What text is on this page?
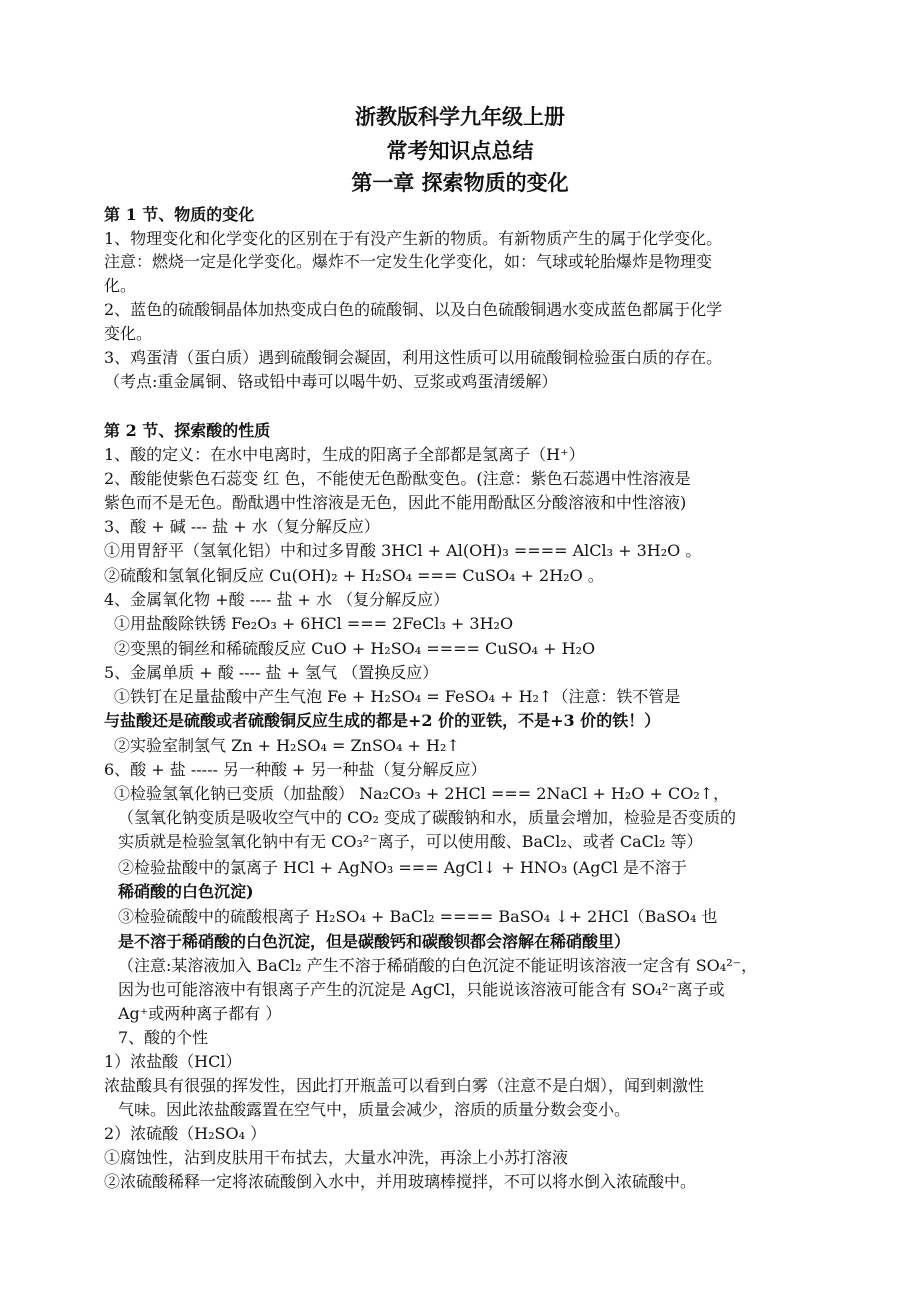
浙教版科学九年级上册
常考知识点总结
第一章 探索物质的变化
第 1 节、物质的变化
1、物理变化和化学变化的区别在于有没产生新的物质。有新物质产生的属于化学变化。
注意：燃烧一定是化学变化。爆炸不一定发生化学变化，如：气球或轮胎爆炸是物理变
化。
2、蓝色的硫酸铜晶体加热变成白色的硫酸铜、以及白色硫酸铜遇水变成蓝色都属于化学
变化。
3、鸡蛋清（蛋白质）遇到硫酸铜会凝固，利用这性质可以用硫酸铜检验蛋白质的存在。
（考点:重金属铜、铬或铅中毒可以喝牛奶、豆浆或鸡蛋清缓解）
第 2 节、探索酸的性质
1、酸的定义：在水中电离时，生成的阳离子全部都是氢离子（H⁺）
2、酸能使紫色石蕊变 红 色，不能使无色酚酞变色。(注意：紫色石蕊遇中性溶液是
紫色而不是无色。酚酞遇中性溶液是无色，因此不能用酚酞区分酸溶液和中性溶液)
3、酸 + 碱 --- 盐 + 水（复分解反应）
①用胃舒平（氢氧化铝）中和过多胃酸 3HCl + Al(OH)₃ ==== AlCl₃ + 3H₂O 。
②硫酸和氢氧化铜反应 Cu(OH)₂ + H₂SO₄ === CuSO₄ + 2H₂O 。
4、金属氧化物 +酸 ---- 盐 + 水 （复分解反应）
①用盐酸除铁锈 Fe₂O₃ + 6HCl === 2FeCl₃ + 3H₂O
②变黑的铜丝和稀硫酸反应 CuO + H₂SO₄ ==== CuSO₄ + H₂O
5、金属单质 + 酸 ---- 盐 + 氢气 （置换反应）
①铁钉在足量盐酸中产生气泡 Fe + H₂SO₄ = FeSO₄ + H₂↑（注意：铁不管是
与盐酸还是硫酸或者硫酸铜反应生成的都是+2 价的亚铁，不是+3 价的铁！）
②实验室制氢气 Zn + H₂SO₄ = ZnSO₄ + H₂↑
6、酸 + 盐 ----- 另一种酸 + 另一种盐（复分解反应）
①检验氢氧化钠已变质（加盐酸） Na₂CO₃ + 2HCl === 2NaCl + H₂O + CO₂↑，
（氢氧化钠变质是吸收空气中的 CO₂ 变成了碳酸钠和水，质量会增加，检验是否变质的
实质就是检验氢氧化钠中有无 CO₃²⁻离子，可以使用酸、BaCl₂、或者 CaCl₂ 等）
②检验盐酸中的氯离子 HCl + AgNO₃ === AgCl↓ + HNO₃ (AgCl 是不溶于
稀硝酸的白色沉淀)
③检验硫酸中的硫酸根离子 H₂SO₄ + BaCl₂ ==== BaSO₄ ↓+ 2HCl（BaSO₄ 也
是不溶于稀硝酸的白色沉淀，但是碳酸钙和碳酸钡都会溶解在稀硝酸里）
（注意:某溶液加入 BaCl₂ 产生不溶于稀硝酸的白色沉淀不能证明该溶液一定含有 SO₄²⁻，
因为也可能溶液中有银离子产生的沉淀是 AgCl，只能说该溶液可能含有 SO₄²⁻离子或
Ag⁺或两种离子都有 ）
7、酸的个性
1）浓盐酸（HCl）
浓盐酸具有很强的挥发性，因此打开瓶盖可以看到白雾（注意不是白烟），闻到刺激性
气味。因此浓盐酸露置在空气中，质量会减少，溶质的质量分数会变小。
2）浓硫酸（H₂SO₄ ）
①腐蚀性，沾到皮肤用干布拭去，大量水冲洗，再涂上小苏打溶液
②浓硫酸稀释一定将浓硫酸倒入水中，并用玻璃棒搅拌，不可以将水倒入浓硫酸中。
